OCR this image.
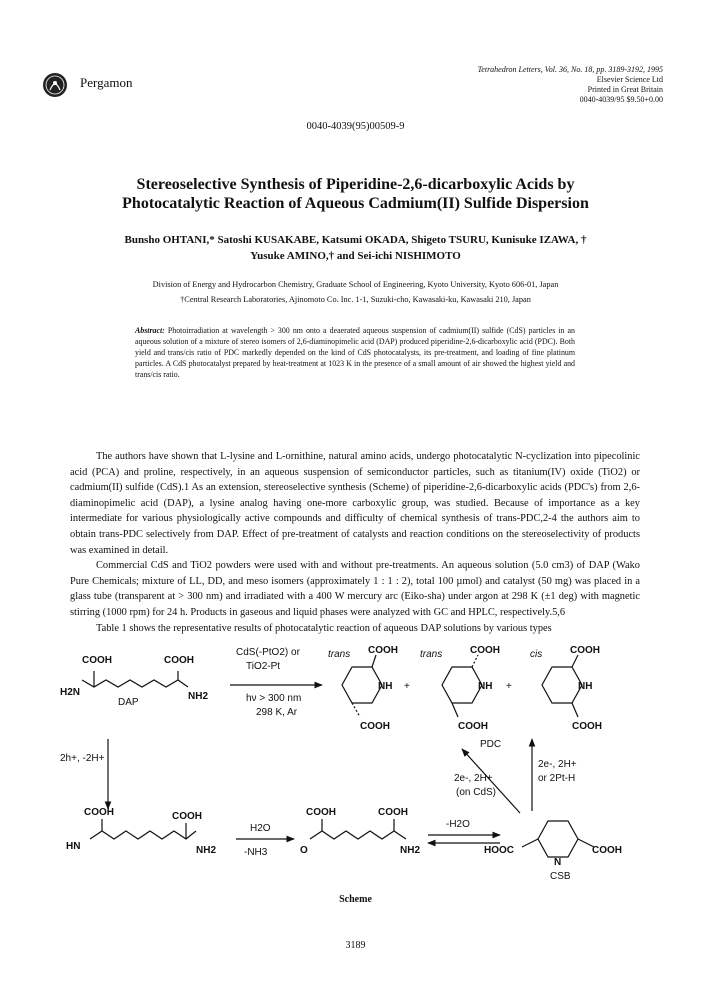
Pergamon
Tetrahedron Letters, Vol. 36, No. 18, pp. 3189-3192, 1995
Elsevier Science Ltd
Printed in Great Britain
0040-4039/95 $9.50+0.00
0040-4039(95)00509-9
Stereoselective Synthesis of Piperidine-2,6-dicarboxylic Acids by
Photocatalytic Reaction of Aqueous Cadmium(II) Sulfide Dispersion
Bunsho OHTANI,* Satoshi KUSAKABE, Katsumi OKADA, Shigeto TSURU, Kunisuke IZAWA, †
Yusuke AMINO,† and Sei-ichi NISHIMOTO
Division of Energy and Hydrocarbon Chemistry, Graduate School of Engineering, Kyoto University, Kyoto 606-01, Japan
†Central Research Laboratories, Ajinomoto Co. Inc. 1-1, Suzuki-cho, Kawasaki-ku, Kawasaki 210, Japan
Abstract: Photoirradiation at wavelength > 300 nm onto a deaerated aqueous suspension of cadmium(II) sulfide (CdS) particles in an aqueous solution of a mixture of stereo isomers of 2,6-diaminopimelic acid (DAP) produced piperidine-2,6-dicarboxylic acid (PDC). Both yield and trans/cis ratio of PDC markedly depended on the kind of CdS photocatalysts, its pre-treatment, and loading of fine platinum particles. A CdS photocatalyst prepared by heat-treatment at 1023 K in the presence of a small amount of air showed the highest yield and trans/cis ratio.

The authors have shown that L-lysine and L-ornithine, natural amino acids, undergo photocatalytic N-cyclization into pipecolinic acid (PCA) and proline, respectively, in an aqueous suspension of semiconductor particles, such as titanium(IV) oxide (TiO2) or cadmium(II) sulfide (CdS).1 As an extension, stereoselective synthesis (Scheme) of piperidine-2,6-dicarboxylic acids (PDC's) from 2,6-diaminopimelic acid (DAP), a lysine analog having one-more carboxylic group, was studied. Because of importance as a key intermediate for various physiologically active compounds and difficulty of chemical synthesis of trans-PDC,2-4 the authors aim to obtain trans-PDC selectively from DAP. Effect of pre-treatment of catalysts and reaction conditions on the stereoselectivity of products was examined in detail.

Commercial CdS and TiO2 powders were used with and without pre-treatments. An aqueous solution (5.0 cm3) of DAP (Wako Pure Chemicals; mixture of LL, DD, and meso isomers (approximately 1 : 1 : 2), total 100 µmol) and catalyst (50 mg) was placed in a glass tube (transparent at > 300 nm) and irradiated with a 400 W mercury arc (Eiko-sha) under argon at 298 K (±1 deg) with magnetic stirring (1000 rpm) for 24 h. Products in gaseous and liquid phases were analyzed with GC and HPLC, respectively.5,6

Table 1 shows the representative results of photocatalytic reaction of aqueous DAP solutions by various types

COOH	COOH
H2N	NH2
DAP
CdS(-PtO2) or
TiO2-Pt
hν > 300 nm
298 K, Ar
trans COOH
NH
COOH
+
trans	COOH
NH
COOH
+
cis	COOH
NH
COOH
PDC
2h+, -2H+
2e-, 2H+
(on CdS)
2e-, 2H+
or 2Pt-H
COOH	COOH
HN	NH2
H2O
-NH3
COOH	COOH
O	NH2
-H2O
HOOC
N
COOH
CSB
Scheme
3189
